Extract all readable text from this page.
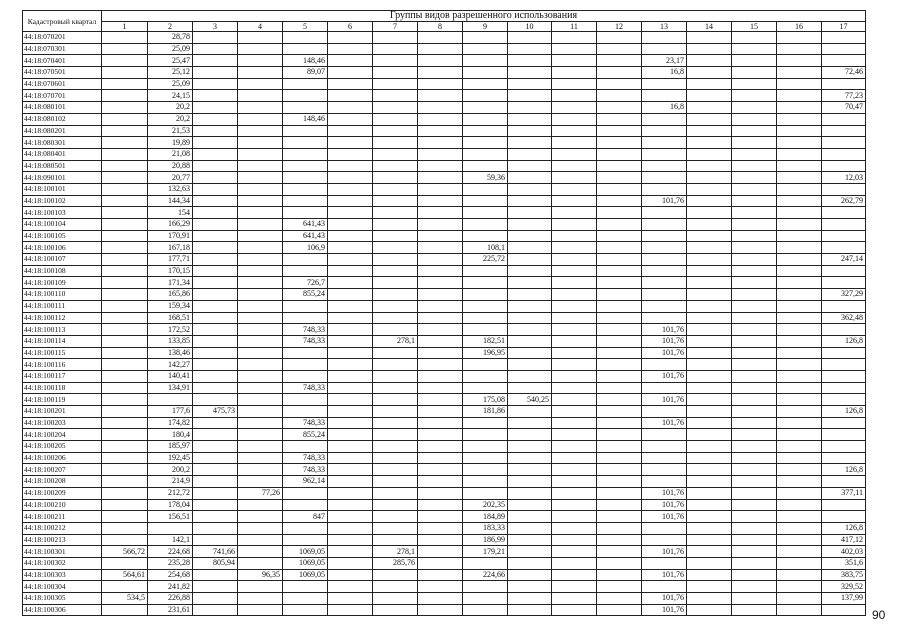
Кадастровый квартал	Группы видов разрешенного использования																
	1	2	3	4	5	6	7	8	9	10	11	12	13	14	15	16	17
44:18:070201		28,78															
44:18:070301		25,09															
44:18:070401		25,47			148,46								23,17				
44:18:070501		25,12			89,07								16,8				72,46
44:18:070601		25,09															
44:18:070701		24,15															77,23
44:18:080101		20,2											16,8				70,47
44:18:080102		20,2			148,46												
44:18:080201		21,53															
44:18:080301		19,89															
44:18:080401		21,08															
44:18:080501		20,88															
44:18:090101		20,77							59,36								12,03
44:18:100101		132,63															
44:18:100102		144,34											101,76				262,79
44:18:100103		154															
44:18:100104		166,29			641,43												
44:18:100105		170,91			641,43												
44:18:100106		167,18			106,9				108,1								
44:18:100107		177,71							225,72								247,14
44:18:100108		170,15															
44:18:100109		171,34			726,7												
44:18:100110		165,86			855,24												327,29
44:18:100111		159,34															
44:18:100112		168,51															362,48
44:18:100113		172,52			748,33								101,76				
44:18:100114		133,85			748,33		278,1		182,51				101,76				126,8
44:18:100115		138,46							196,95				101,76				
44:18:100116		142,27															
44:18:100117		140,41											101,76				
44:18:100118		134,91			748,33												
44:18:100119									175,08	540,25			101,76				
44:18:100201		177,6	475,73						181,86								126,8
44:18:100203		174,82			748,33								101,76				
44:18:100204		180,4			855,24												
44:18:100205		185,97															
44:18:100206		192,45			748,33												
44:18:100207		200,2			748,33												126,8
44:18:100208		214,9			962,14												
44:18:100209		212,72		77,26									101,76				377,11
44:18:100210		178,04							202,35				101,76				
44:18:100211		156,51			847				184,89				101,76				
44:18:100212									183,33								126,8
44:18:100213		142,1							186,99								417,12
44:18:100301	566,72	224,68	741,66		1069,05		278,1		179,21				101,76				402,03
44:18:100302		235,28	805,94		1069,05		285,76										351,6
44:18:100303	564,61	254,68		96,35	1069,05				224,66				101,76				383,75
44:18:100304		241,82															329,52
44:18:100305	534,5	226,88											101,76				137,99
44:18:100306		231,61											101,76					90
